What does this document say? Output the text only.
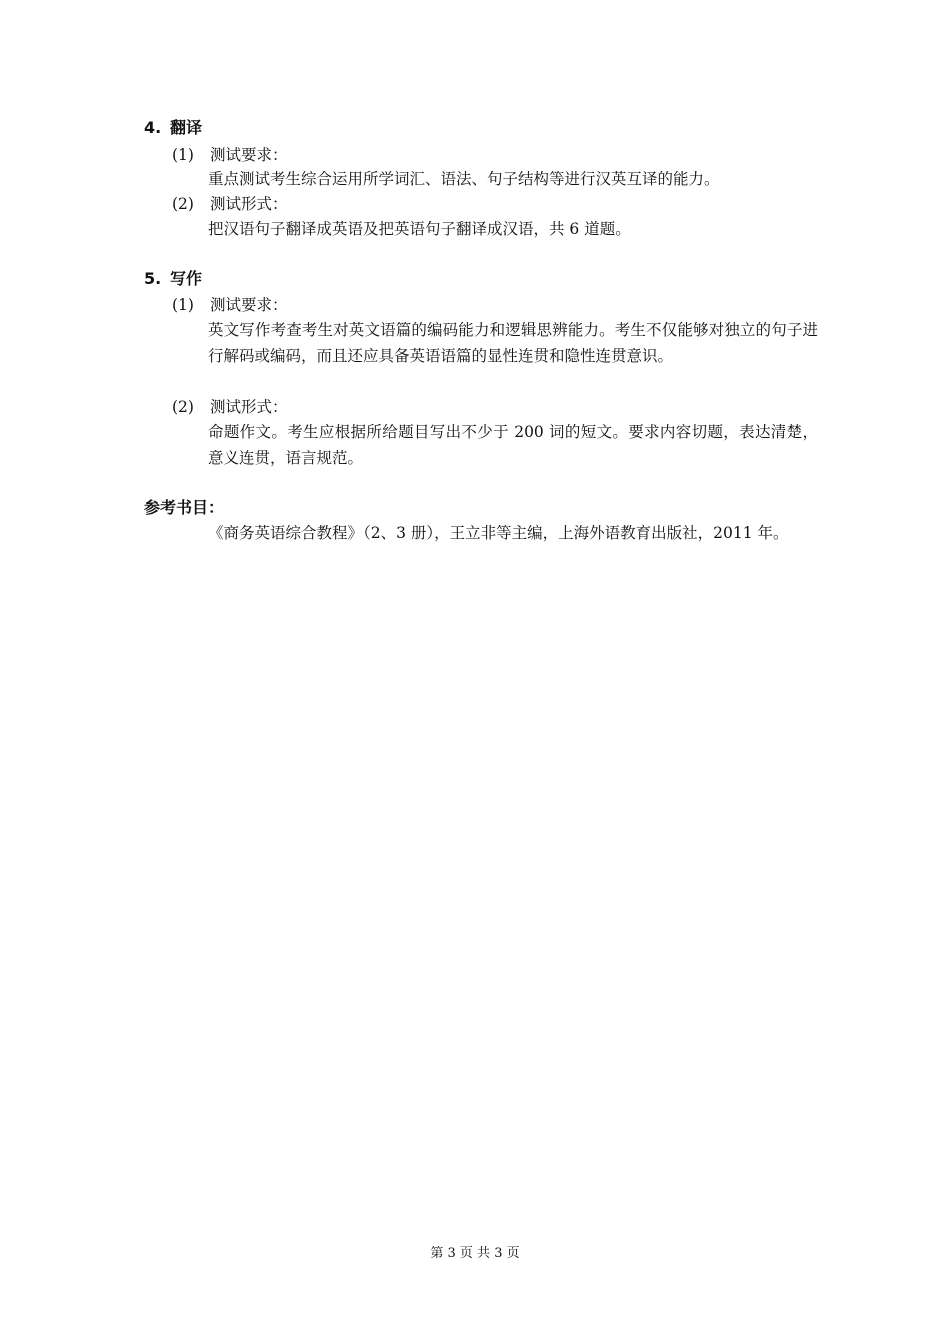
4. 翻译
(1) 测试要求：
重点测试考生综合运用所学词汇、语法、句子结构等进行汉英互译的能力。
(2) 测试形式：
把汉语句子翻译成英语及把英语句子翻译成汉语，共 6 道题。
5. 写作
(1) 测试要求：
英文写作考查考生对英文语篇的编码能力和逻辑思辨能力。考生不仅能够对独立的句子进行解码或编码，而且还应具备英语语篇的显性连贯和隐性连贯意识。
(2) 测试形式：
命题作文。考生应根据所给题目写出不少于 200 词的短文。要求内容切题，表达清楚，意义连贯，语言规范。
参考书目：
《商务英语综合教程》（2、3 册），王立非等主编，上海外语教育出版社，2011 年。
第 3 页 共 3 页
